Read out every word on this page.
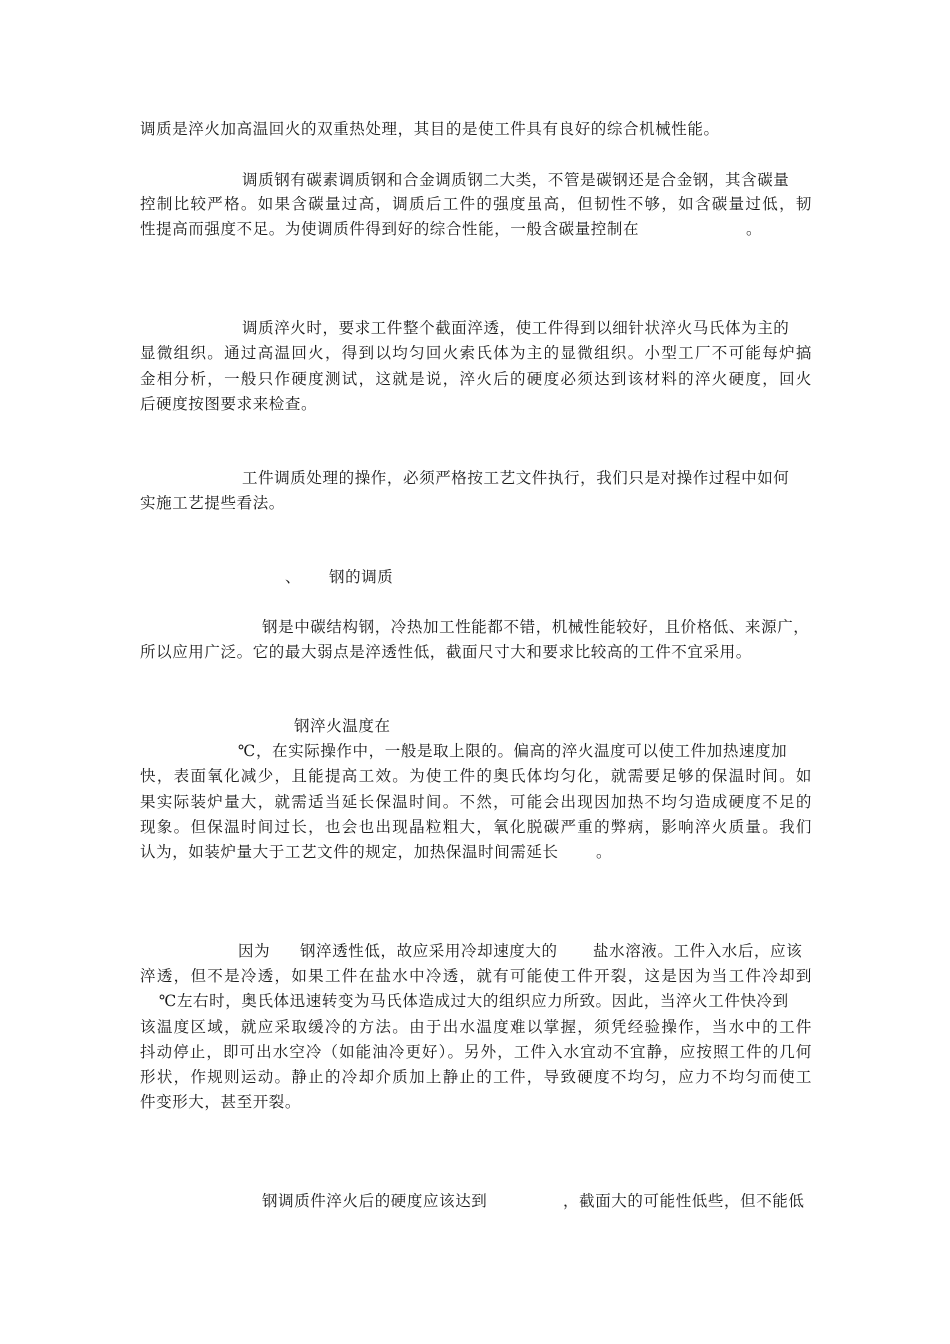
调质是淬火加高温回火的双重热处理，其目的是使工件具有良好的综合机械性能。
调质钢有碳素调质钢和合金调质钢二大类，不管是碳钢还是合金钢，其含碳量
控制比较严格。如果含碳量过高，调质后工件的强度虽高，但韧性不够，如含碳量过低，韧
性提高而强度不足。为使调质件得到好的综合性能，一般含碳量控制在	。
调质淬火时，要求工件整个截面淬透，使工件得到以细针状淬火马氏体为主的
显微组织。通过高温回火，得到以均匀回火索氏体为主的显微组织。小型工厂不可能每炉搞
金相分析，一般只作硬度测试，这就是说，淬火后的硬度必须达到该材料的淬火硬度，回火
后硬度按图要求来检查。
工件调质处理的操作，必须严格按工艺文件执行，我们只是对操作过程中如何
实施工艺提些看法。
、	钢的调质
钢是中碳结构钢，冷热加工性能都不错，机械性能较好，且价格低、来源广，
所以应用广泛。它的最大弱点是淬透性低，截面尺寸大和要求比较高的工件不宜采用。
钢淬火温度在
℃，在实际操作中，一般是取上限的。偏高的淬火温度可以使工件加热速度加
快，表面氧化减少，且能提高工效。为使工件的奥氏体均匀化，就需要足够的保温时间。如
果实际装炉量大，就需适当延长保温时间。不然，可能会出现因加热不均匀造成硬度不足的
现象。但保温时间过长，也会也出现晶粒粗大，氧化脱碳严重的弊病，影响淬火质量。我们
认为，如装炉量大于工艺文件的规定，加热保温时间需延长	。
因为	钢淬透性低，故应采用冷却速度大的	盐水溶液。工件入水后，应该
淬透，但不是冷透，如果工件在盐水中冷透，就有可能使工件开裂，这是因为当工件冷却到
℃左右时，奥氏体迅速转变为马氏体造成过大的组织应力所致。因此，当淬火工件快冷到
该温度区域，就应采取缓冷的方法。由于出水温度难以掌握，须凭经验操作，当水中的工件
抖动停止，即可出水空冷（如能油冷更好）。另外，工件入水宜动不宜静，应按照工件的几何
形状，作规则运动。静止的冷却介质加上静止的工件，导致硬度不均匀，应力不均匀而使工
件变形大，甚至开裂。
钢调质件淬火后的硬度应该达到	，截面大的可能性低些，但不能低
